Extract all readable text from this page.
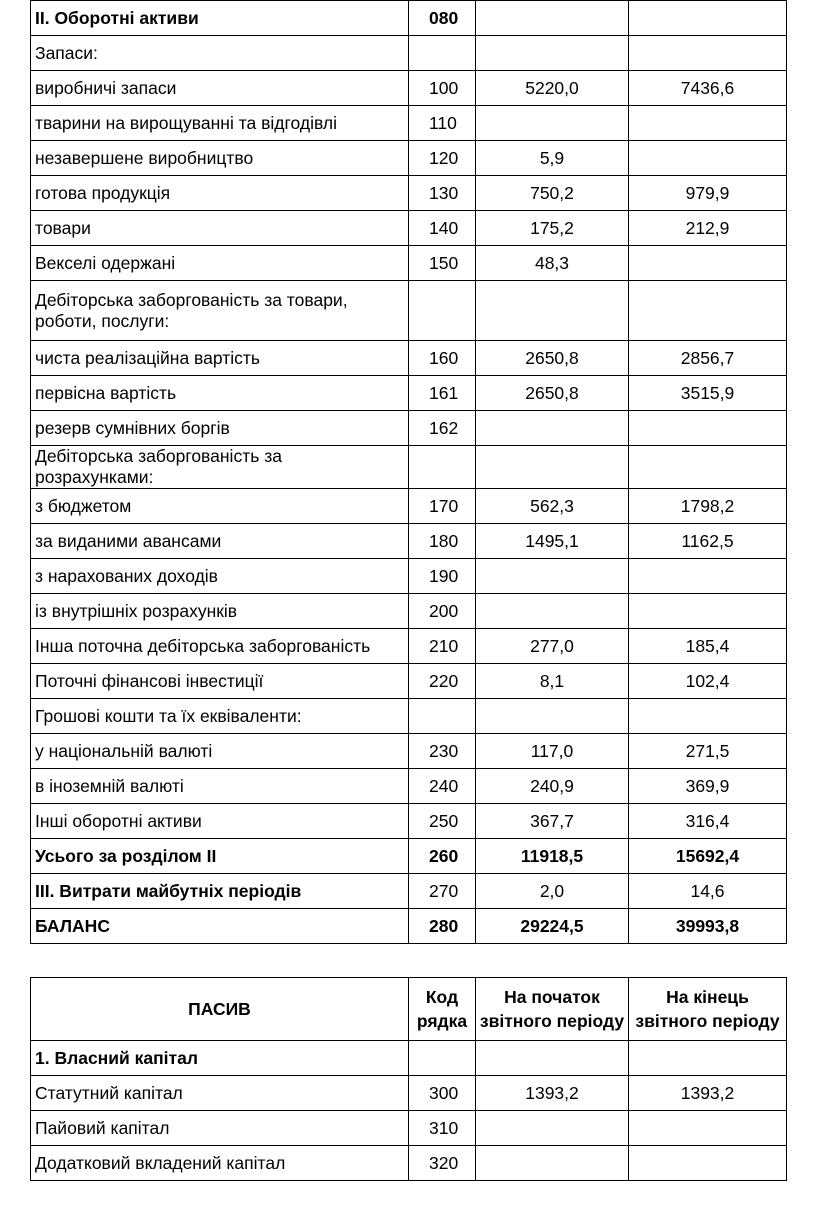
II. Оборотні активи	080		
Запаси:			
виробничі запаси	100	5220,0	7436,6
тварини на вирощуванні та відгодівлі	110		
незавершене виробництво	120	5,9	
готова продукція	130	750,2	979,9
товари	140	175,2	212,9
Векселі одержані	150	48,3	
Дебіторська заборгованість за товари, роботи, послуги:			
чиста реалізаційна вартість	160	2650,8	2856,7
первісна вартість	161	2650,8	3515,9
резерв сумнівних боргів	162		
Дебіторська заборгованість за розрахунками:			
з бюджетом	170	562,3	1798,2
за виданими авансами	180	1495,1	1162,5
з нарахованих доходів	190		
із внутрішніх розрахунків	200		
Інша поточна дебіторська заборгованість	210	277,0	185,4
Поточні фінансові інвестиції	220	8,1	102,4
Грошові кошти та їх еквіваленти:			
у національній валюті	230	117,0	271,5
в іноземній валюті	240	240,9	369,9
Інші оборотні активи	250	367,7	316,4
Усього за розділом ІІ	260	11918,5	15692,4
ІІІ. Витрати майбутніх періодів	270	2,0	14,6
БАЛАНС	280	29224,5	39993,8
ПАСИВ	Код рядка	На початок звітного періоду	На кінець звітного періоду
1. Власний капітал			
Статутний капітал	300	1393,2	1393,2
Пайовий капітал	310		
Додатковий вкладений капітал	320		
